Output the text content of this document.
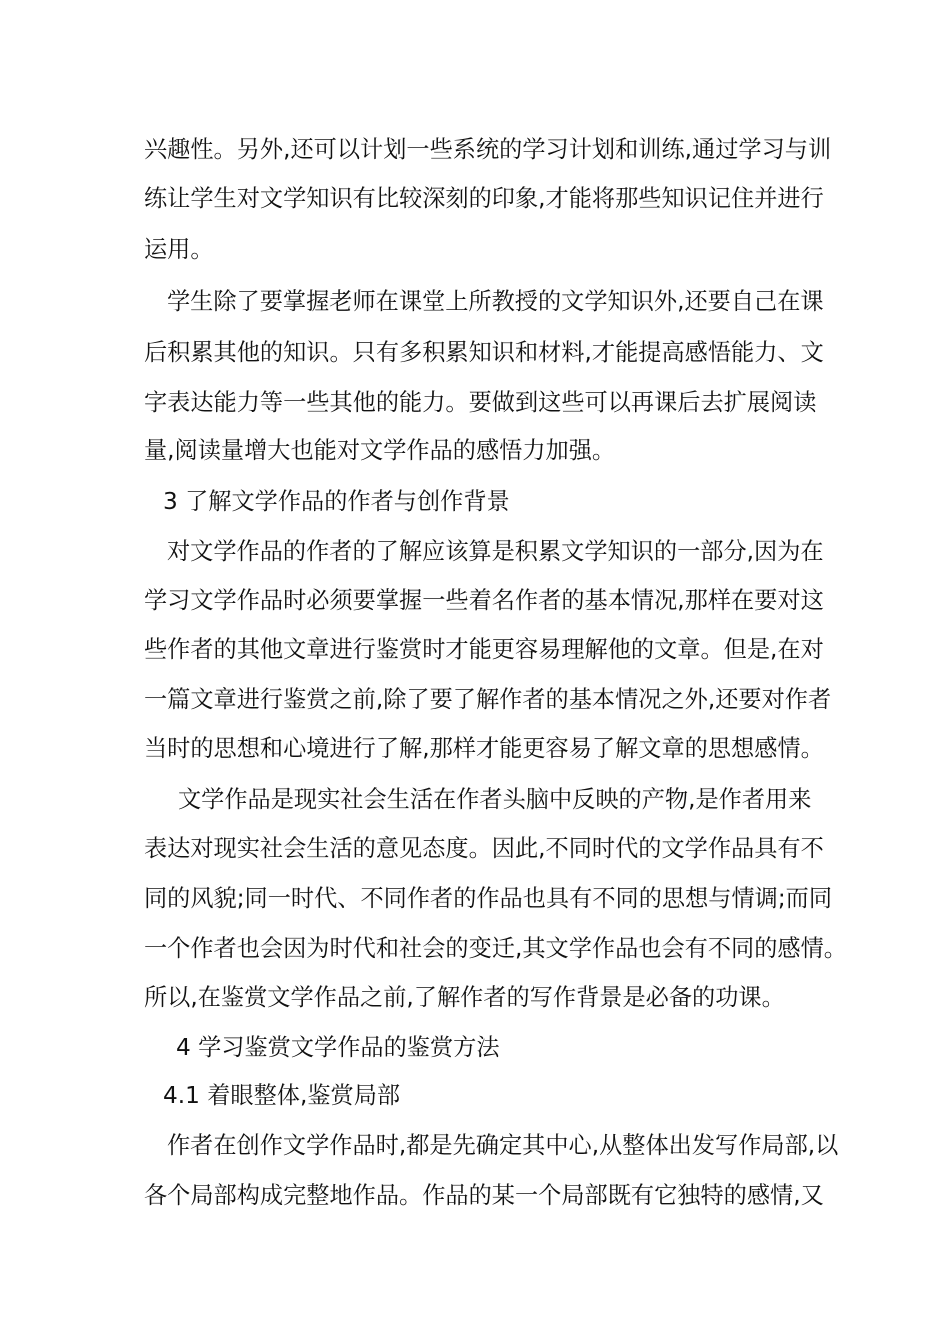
兴趣性。另外,还可以计划一些系统的学习计划和训练,通过学习与训
练让学生对文学知识有比较深刻的印象,才能将那些知识记住并进行
运用。
学生除了要掌握老师在课堂上所教授的文学知识外,还要自己在课
后积累其他的知识。只有多积累知识和材料,才能提高感悟能力、文
字表达能力等一些其他的能力。要做到这些可以再课后去扩展阅读
量,阅读量增大也能对文学作品的感悟力加强。
3 了解文学作品的作者与创作背景
对文学作品的作者的了解应该算是积累文学知识的一部分,因为在
学习文学作品时必须要掌握一些着名作者的基本情况,那样在要对这
些作者的其他文章进行鉴赏时才能更容易理解他的文章。但是,在对
一篇文章进行鉴赏之前,除了要了解作者的基本情况之外,还要对作者
当时的思想和心境进行了解,那样才能更容易了解文章的思想感情。
文学作品是现实社会生活在作者头脑中反映的产物,是作者用来
表达对现实社会生活的意见态度。因此,不同时代的文学作品具有不
同的风貌;同一时代、不同作者的作品也具有不同的思想与情调;而同
一个作者也会因为时代和社会的变迁,其文学作品也会有不同的感情。
所以,在鉴赏文学作品之前,了解作者的写作背景是必备的功课。
4 学习鉴赏文学作品的鉴赏方法
4.1 着眼整体,鉴赏局部
作者在创作文学作品时,都是先确定其中心,从整体出发写作局部,以
各个局部构成完整地作品。作品的某一个局部既有它独特的感情,又
